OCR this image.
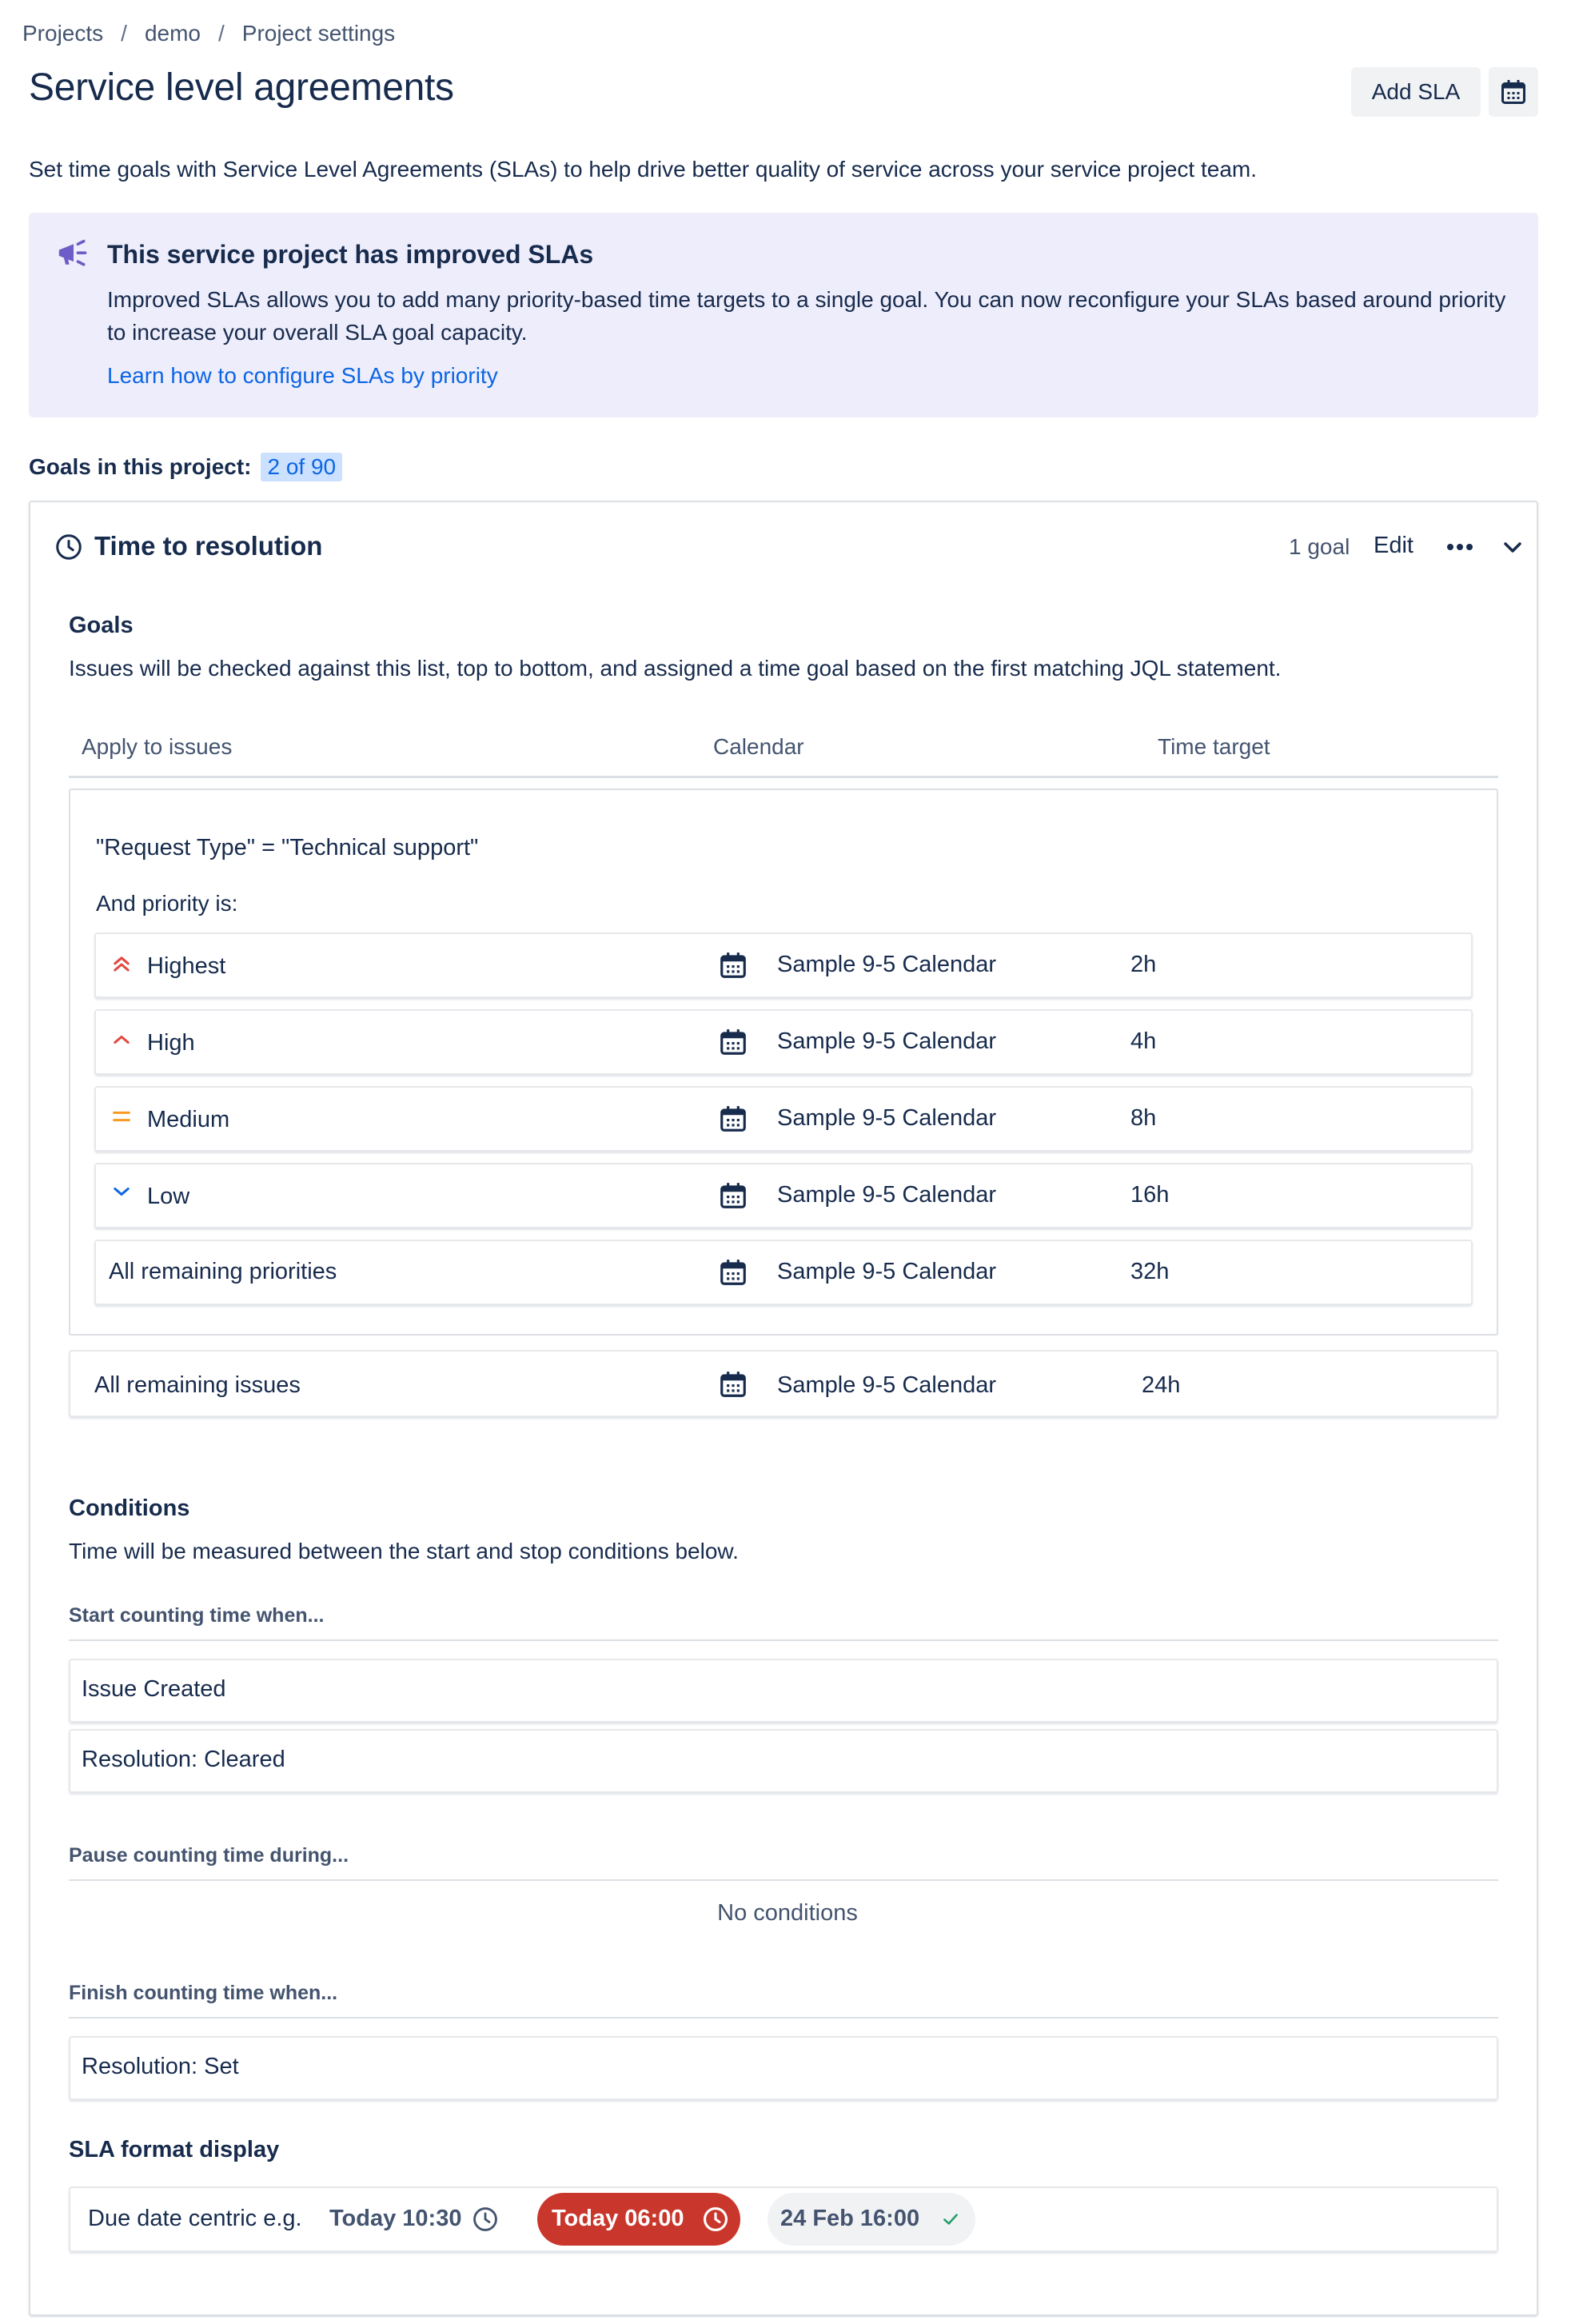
Projects / demo / Project settings
Service level agreements	Add SLA

Set time goals with Service Level Agreements (SLAs) to help drive better quality of service across your service project team.

This service project has improved SLAs
Improved SLAs allows you to add many priority-based time targets to a single goal. You can now reconfigure your SLAs based around priority to increase your overall SLA goal capacity.
Learn how to configure SLAs by priority
Goals in this project: 2 of 90
Time to resolution	1 goal Edit
Goals
Issues will be checked against this list, top to bottom, and assigned a time goal based on the first matching JQL statement.
Apply to issues	Calendar	Time target
"Request Type" = "Technical support"
And priority is:
Highest	Sample 9-5 Calendar	2h
High	Sample 9-5 Calendar	4h
Medium	Sample 9-5 Calendar	8h
Low	Sample 9-5 Calendar	16h
All remaining priorities	Sample 9-5 Calendar	32h
All remaining issues	Sample 9-5 Calendar	24h
Conditions
Time will be measured between the start and stop conditions below.
Start counting time when...
Issue Created
Resolution: Cleared
Pause counting time during...
No conditions
Finish counting time when...
Resolution: Set
SLA format display
Due date centric e.g. Today 10:30	Today 06:00	24 Feb 16:00
